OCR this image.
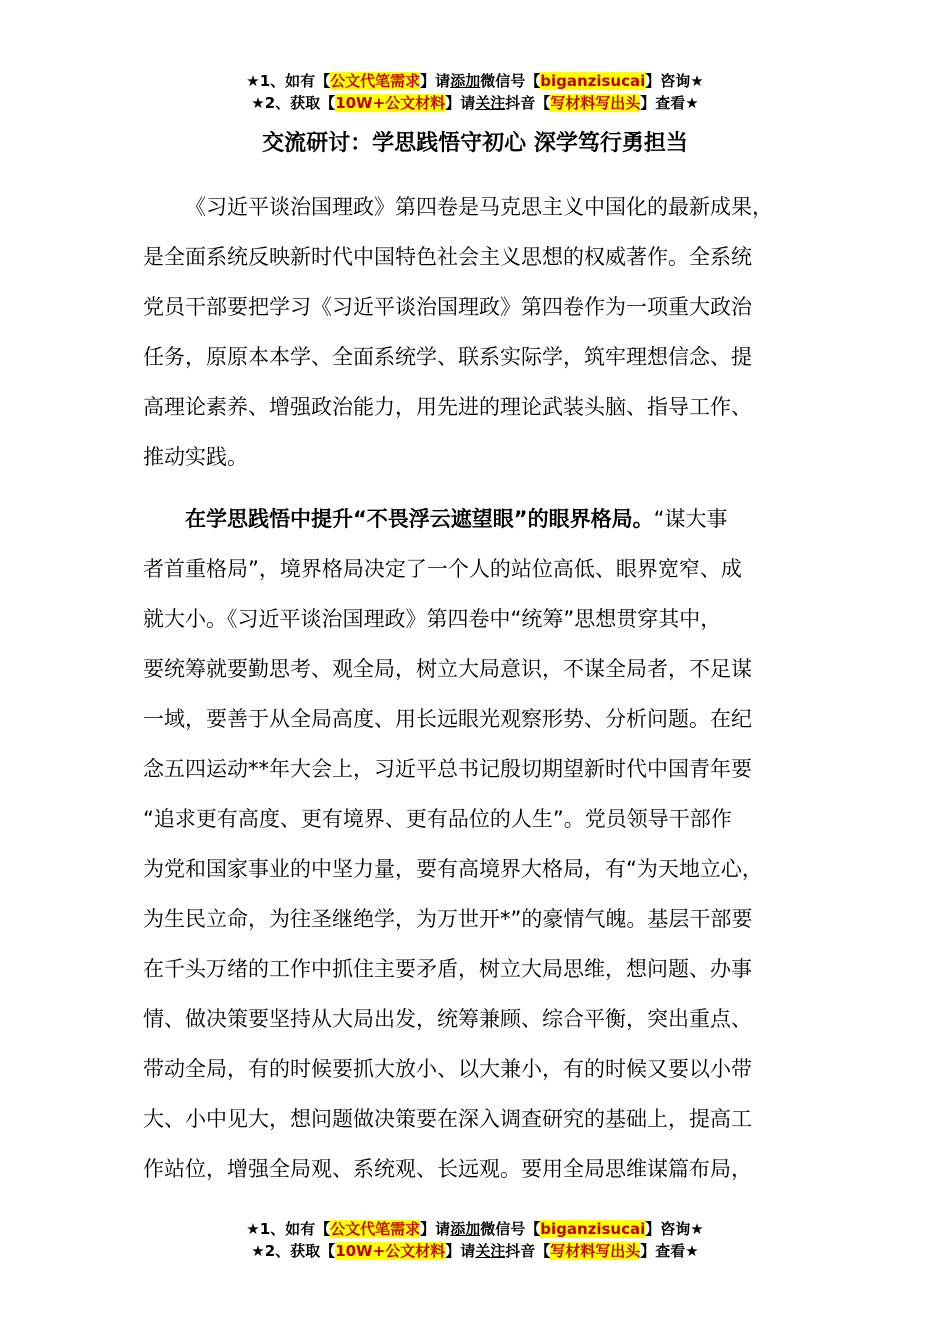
★1、如有【公文代笔需求】请添加微信号【biganzisucai】咨询★
★2、获取【10W+公文材料】请关注抖音【写材料写出头】查看★
交流研讨：学思践悟守初心 深学笃行勇担当
《习近平谈治国理政》第四卷是马克思主义中国化的最新成果，
是全面系统反映新时代中国特色社会主义思想的权威著作。全系统
党员干部要把学习《习近平谈治国理政》第四卷作为一项重大政治
任务，原原本本学、全面系统学、联系实际学，筑牢理想信念、提
高理论素养、增强政治能力，用先进的理论武装头脑、指导工作、
推动实践。
在学思践悟中提升“不畏浮云遮望眼”的眼界格局。“谋大事
者首重格局”，境界格局决定了一个人的站位高低、眼界宽窄、成
就大小。《习近平谈治国理政》第四卷中“统筹”思想贯穿其中，
要统筹就要勤思考、观全局，树立大局意识，不谋全局者，不足谋
一域，要善于从全局高度、用长远眼光观察形势、分析问题。在纪
念五四运动**年大会上，习近平总书记殷切期望新时代中国青年要
“追求更有高度、更有境界、更有品位的人生”。党员领导干部作
为党和国家事业的中坚力量，要有高境界大格局，有“为天地立心，
为生民立命，为往圣继绝学，为万世开*”的豪情气魄。基层干部要
在千头万绪的工作中抓住主要矛盾，树立大局思维，想问题、办事
情、做决策要坚持从大局出发，统筹兼顾、综合平衡，突出重点、
带动全局，有的时候要抓大放小、以大兼小，有的时候又要以小带
大、小中见大，想问题做决策要在深入调查研究的基础上，提高工
作站位，增强全局观、系统观、长远观。要用全局思维谋篇布局，
★1、如有【公文代笔需求】请添加微信号【biganzisucai】咨询★
★2、获取【10W+公文材料】请关注抖音【写材料写出头】查看★
